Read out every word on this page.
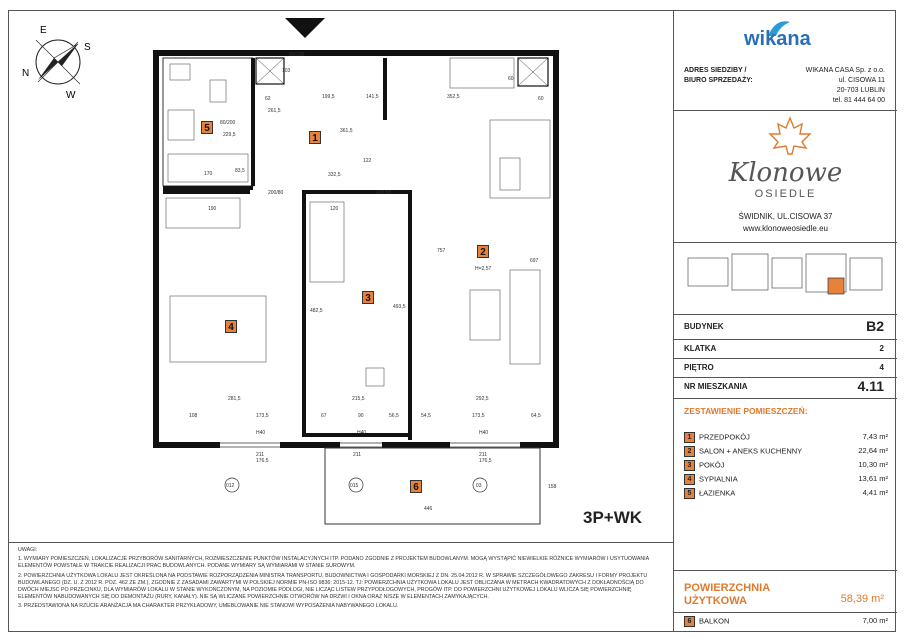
E
S
N
W
1
2
3
4
5
6
80/200
103
199,5
261,5
62	141,5
80/200
229,5
361,5
352,5
60
60
332,5
170	83,5
122
190	120
200/80	200/80
757
697
H=2,57
482,5
493,5
281,5	215,5	292,5
108	173,5	67	90	56,5	54,5	173,5	64,5
H40	H40	H40
446
158
211
176,5
211	211
176,5
012	015	03
3P+WK

UWAGI:

1. WYMIARY POMIESZCZEŃ, LOKALIZACJE PRZYBORÓW SANITARNYCH, ROZMIESZCZENIE PUNKTÓW INSTALACYJNYCH ITP. PODANO ZGODNIE Z PROJEKTEM BUDOWLANYM. MOGĄ WYSTĄPIĆ NIEWIELKIE RÓŻNICE WYMIARÓW I USYTUOWANIA ELEMENTÓW POWSTAŁE W TRAKCIE REALIZACJI PRAC BUDOWLANYCH. PODANE WYMIARY SĄ WYMIARAMI W STANIE SUROWYM.

2. POWIERZCHNIA UŻYTKOWA LOKALU JEST OKREŚLONA NA PODSTAWIE ROZPORZĄDZENIA MINISTRA TRANSPORTU, BUDOWNICTWA I GOSPODARKI MORSKIEJ Z DN. 25.04.2012 R. W SPRAWIE SZCZEGÓŁOWEGO ZAKRESU I FORMY PROJEKTU BUDOWLANEGO (DZ. U. Z 2012 R. POZ. 462 ZE ZM.), ZGODNIE Z ZASADAMI ZAWARTYMI W POLSKIEJ NORMIE PN-ISO 9836: 2015-12. TJ: POWIERZCHNIA UŻYTKOWA LOKALU JEST OBLICZANA W METRACH KWADRATOWYCH Z DOKŁADNOŚCIĄ DO DWÓCH MIEJSC PO PRZECINKU, DLA WYMIARÓW LOKALU W STANIE WYKOŃCZONYM, NA POZIOMIE PODŁOGI, NIE LICZĄC LISTEW PRZYPODŁOGOWYCH, PROGÓW ITP. DO POWIERZCHNI UŻYTKOWEJ LOKALU WLICZA SIĘ POWIERZCHNIĘ ELEMENTÓW NABUDOWANYCH SIĘ DO DEMONTAŻU (RURY, KANAŁY). NIE SĄ WLICZANE POWIERZCHNIE OTWORÓW NA DRZWI I OKNA ORAZ NISZE W ELEMENTACH ZAMYKAJĄCYCH.

3. PRZEDSTAWIONA NA RZUCIE ARANŻACJA MA CHARAKTER PRZYKŁADOWY, UMEBLOWANIE NIE STANOWI WYPOSAŻENIA NABYWANEGO LOKALU.

wikana
ADRES SIEDZIBY /
BIURO SPRZEDAŻY:
WIKANA CASA Sp. z o.o.
ul. CISOWA 11
20-703 LUBLIN
tel. 81 444 64 00
Klonowe
OSIEDLE
ŚWIDNIK, UL.CISOWA 37
www.klonoweosiedle.eu
BUDYNEK	B2
KLATKA	2
PIĘTRO	4
NR MIESZKANIA	4.11
ZESTAWIENIE POMIESZCZEŃ:
1 PRZEDPOKÓJ	7,43 m²
2 SALON + ANEKS KUCHENNY	22,64 m²
3 POKÓJ	10,30 m²
4 SYPIALNIA	13,61 m²
5 ŁAZIENKA	4,41 m²
POWIERZCHNIA
UŻYTKOWA	58,39 m²
6 BALKON	7,00 m²
